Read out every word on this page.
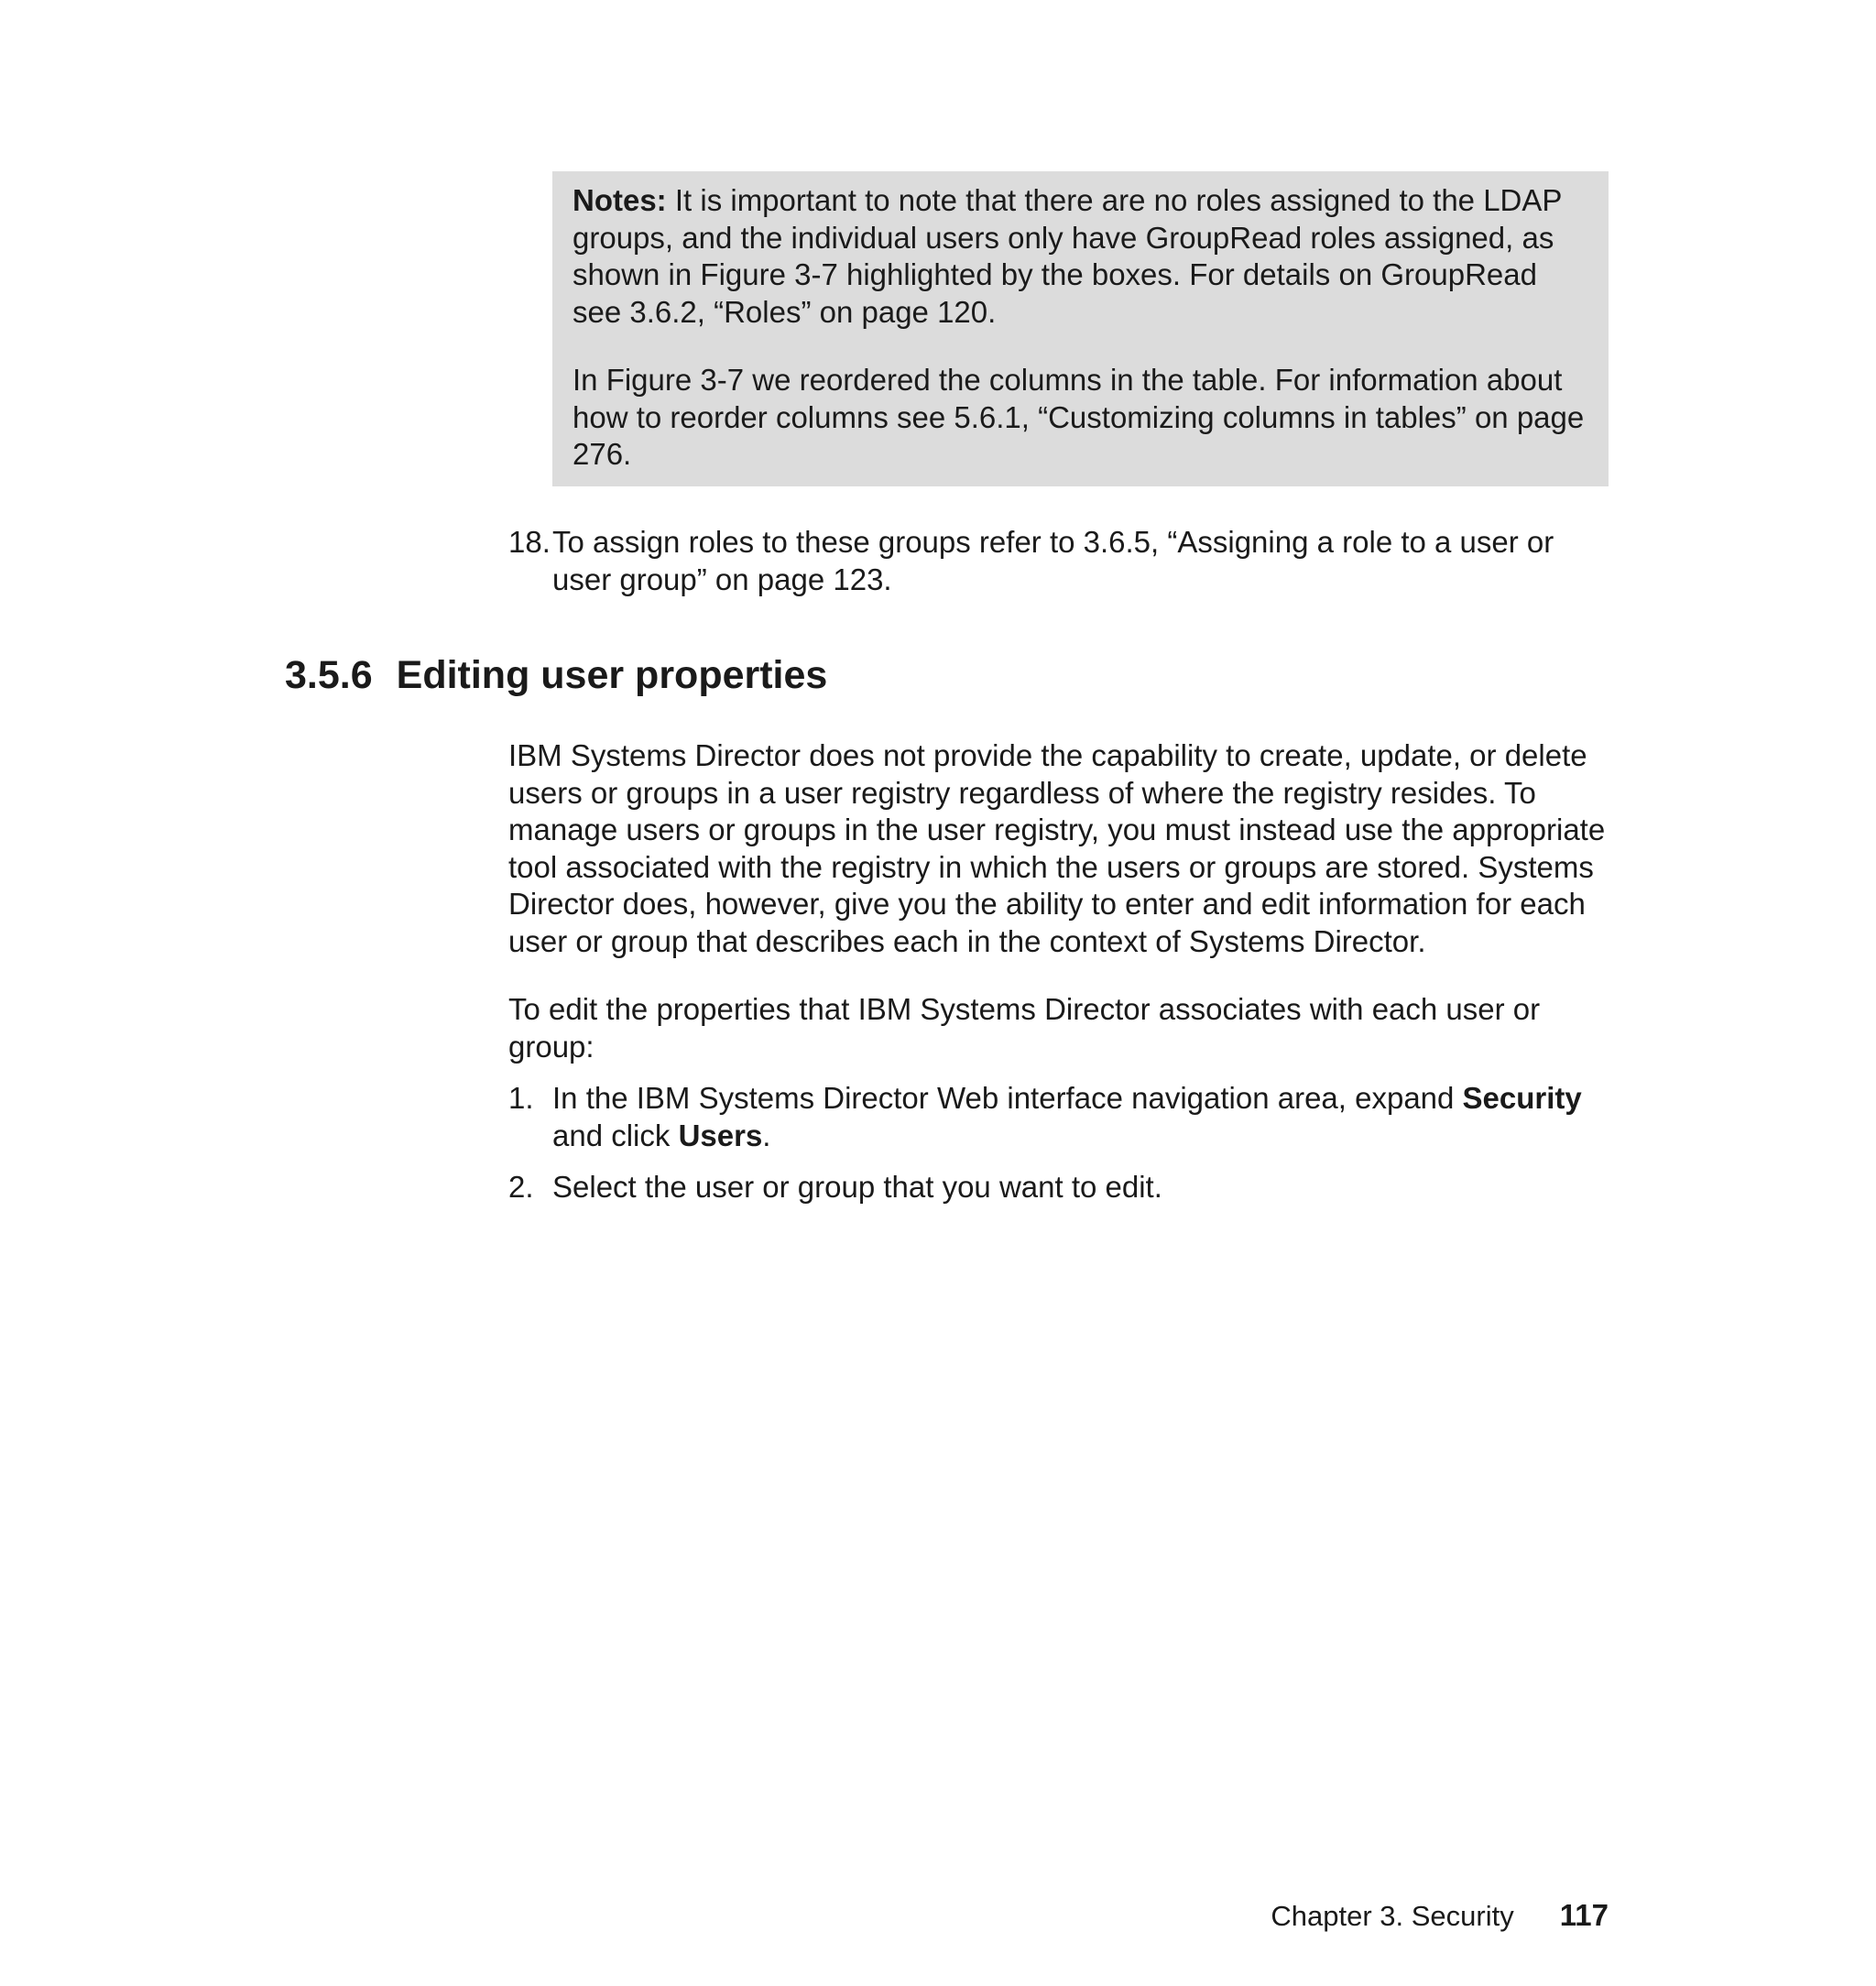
Notes: It is important to note that there are no roles assigned to the LDAP groups, and the individual users only have GroupRead roles assigned, as shown in Figure 3-7 highlighted by the boxes. For details on GroupRead see 3.6.2, “Roles” on page 120.

In Figure 3-7 we reordered the columns in the table. For information about how to reorder columns see 5.6.1, “Customizing columns in tables” on page 276.

18. To assign roles to these groups refer to 3.6.5, “Assigning a role to a user or user group” on page 123.
3.5.6 Editing user properties

IBM Systems Director does not provide the capability to create, update, or delete users or groups in a user registry regardless of where the registry resides. To manage users or groups in the user registry, you must instead use the appropriate tool associated with the registry in which the users or groups are stored. Systems Director does, however, give you the ability to enter and edit information for each user or group that describes each in the context of Systems Director.

To edit the properties that IBM Systems Director associates with each user or group:

1. In the IBM Systems Director Web interface navigation area, expand Security and click Users.
2. Select the user or group that you want to edit.
Chapter 3. Security 117
